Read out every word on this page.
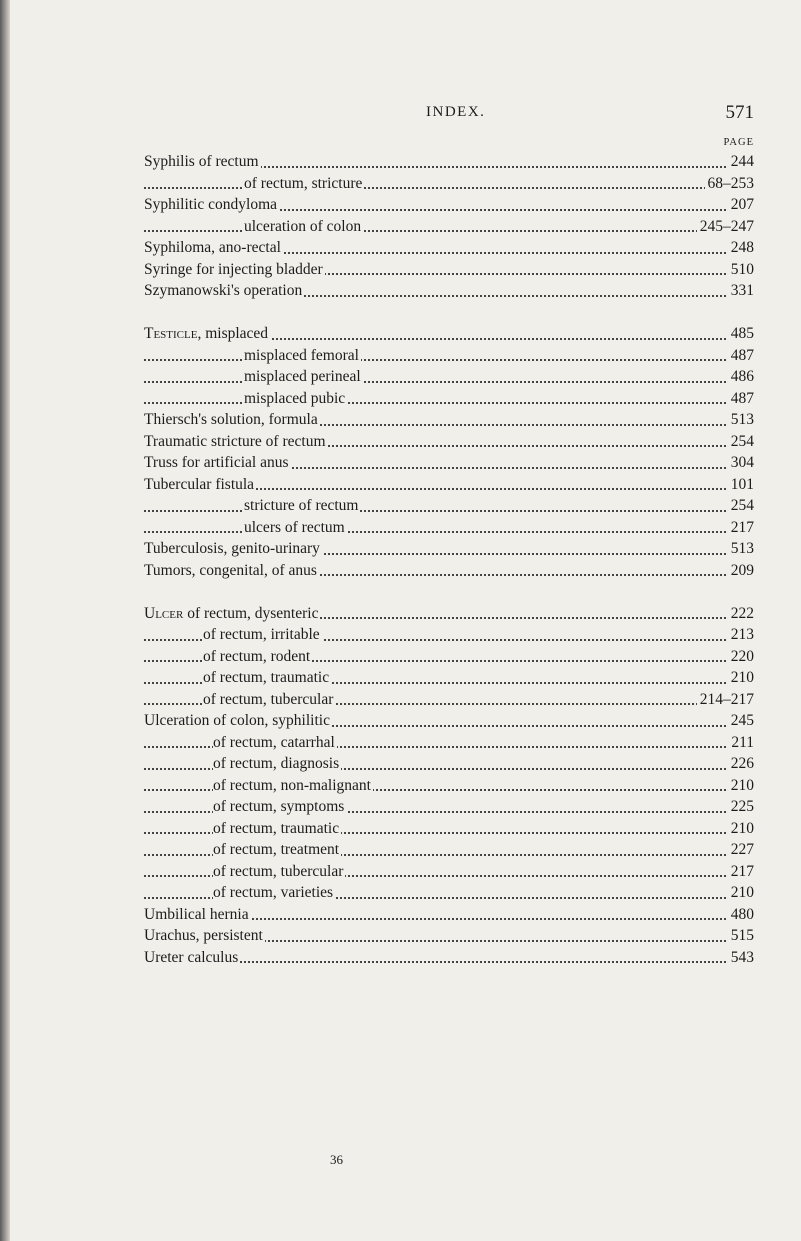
INDEX.	571
PAGE
Syphilis of rectum	244
of rectum, stricture	68–253
Syphilitic condyloma	207
ulceration of colon	245–247
Syphiloma, ano-rectal	248
Syringe for injecting bladder	510
Szymanowski's operation	331
Testicle, misplaced	485
misplaced femoral	487
misplaced perineal	486
misplaced pubic	487
Thiersch's solution, formula	513
Traumatic stricture of rectum	254
Truss for artificial anus	304
Tubercular fistula	101
stricture of rectum	254
ulcers of rectum	217
Tuberculosis, genito-urinary	513
Tumors, congenital, of anus	209
Ulcer of rectum, dysenteric	222
of rectum, irritable	213
of rectum, rodent	220
of rectum, traumatic	210
of rectum, tubercular	214–217
Ulceration of colon, syphilitic	245
of rectum, catarrhal	211
of rectum, diagnosis	226
of rectum, non-malignant	210
of rectum, symptoms	225
of rectum, traumatic	210
of rectum, treatment	227
of rectum, tubercular	217
of rectum, varieties	210
Umbilical hernia	480
Urachus, persistent	515
Ureter calculus	543
36
